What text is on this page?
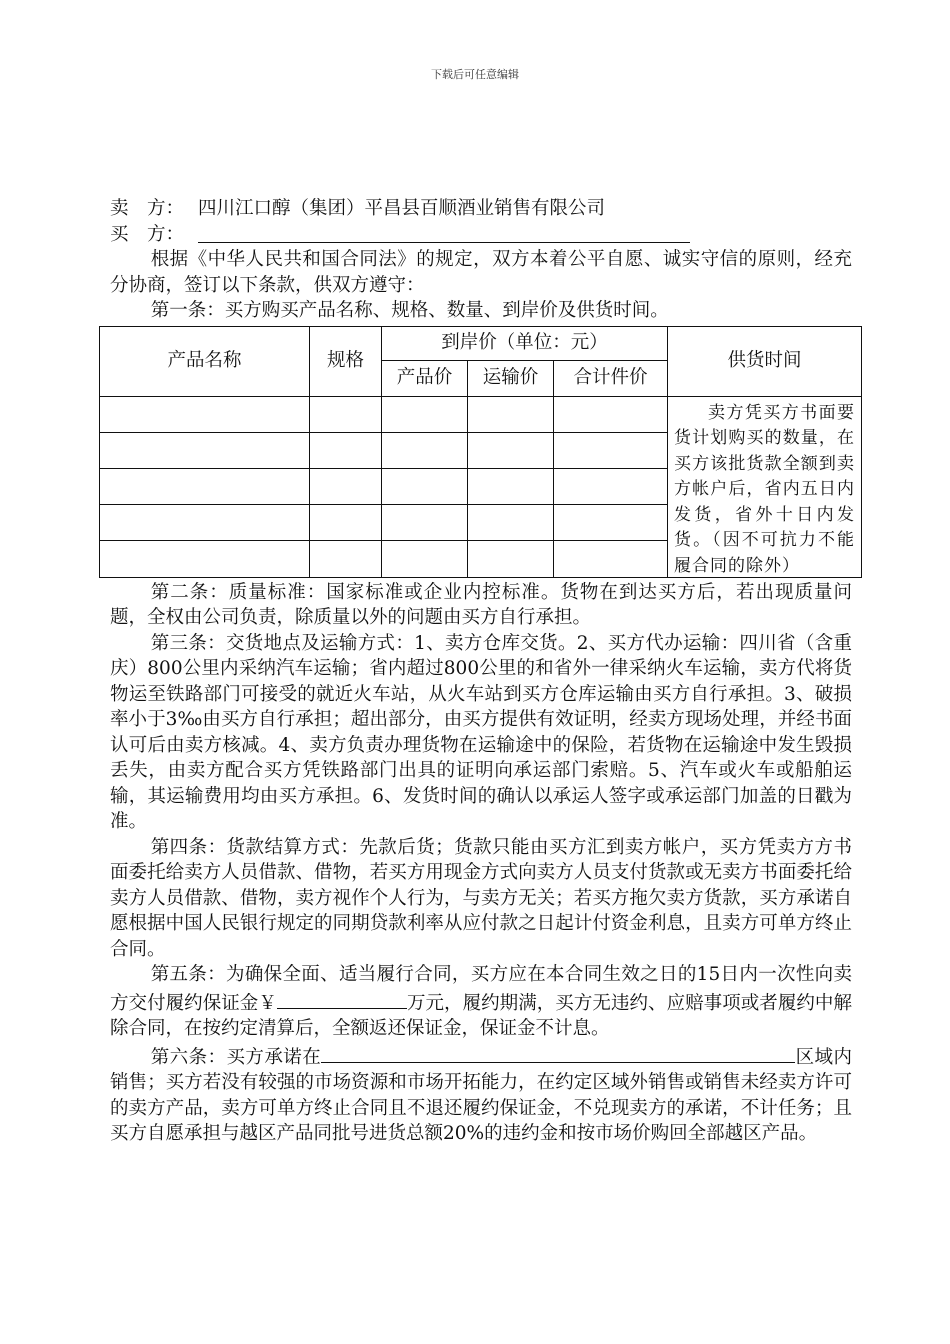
下载后可任意编辑

卖　方： 四川江口醇（集团）平昌县百顺酒业销售有限公司

买　方：

根据《中华人民共和国合同法》的规定，双方本着公平自愿、诚实守信的原则，经充分协商，签订以下条款，供双方遵守：

第一条：买方购买产品名称、规格、数量、到岸价及供货时间。

产品名称	规格	到岸价（单位：元）			供货时间
		产品价	运输价	合计件价	

					卖方凭买方书面要货计划购买的数量，在买方该批货款全额到卖方帐户后，省内五日内发货，省外十日内发货。（因不可抗力不能履合同的除外）

第二条：质量标准：国家标准或企业内控标准。货物在到达买方后，若出现质量问题，全权由公司负责，除质量以外的问题由买方自行承担。

第三条：交货地点及运输方式：1、卖方仓库交货。2、买方代办运输：四川省（含重庆）800公里内采纳汽车运输；省内超过800公里的和省外一律采纳火车运输，卖方代将货物运至铁路部门可接受的就近火车站，从火车站到买方仓库运输由买方自行承担。3、破损率小于3‰由买方自行承担；超出部分，由买方提供有效证明，经卖方现场处理，并经书面认可后由卖方核减。4、卖方负责办理货物在运输途中的保险，若货物在运输途中发生毁损丢失，由卖方配合买方凭铁路部门出具的证明向承运部门索赔。5、汽车或火车或船舶运输，其运输费用均由买方承担。6、发货时间的确认以承运人签字或承运部门加盖的日戳为准。

第四条：货款结算方式：先款后货；货款只能由买方汇到卖方帐户，买方凭卖方方书面委托给卖方人员借款、借物，若买方用现金方式向卖方人员支付货款或无卖方书面委托给卖方人员借款、借物，卖方视作个人行为，与卖方无关；若买方拖欠卖方货款，买方承诺自愿根据中国人民银行规定的同期贷款利率从应付款之日起计付资金利息，且卖方可单方终止合同。

第五条：为确保全面、适当履行合同，买方应在本合同生效之日的15日内一次性向卖方交付履约保证金￥	万元，履约期满，买方无违约、应赔事项或者履约中解除合同，在按约定清算后，全额返还保证金，保证金不计息。

第六条：买方承诺在	区域内销售；买方若没有较强的市场资源和市场开拓能力，在约定区域外销售或销售未经卖方许可的卖方产品，卖方可单方终止合同且不退还履约保证金，不兑现卖方的承诺，不计任务；且买方自愿承担与越区产品同批号进货总额20%的违约金和按市场价购回全部越区产品。
